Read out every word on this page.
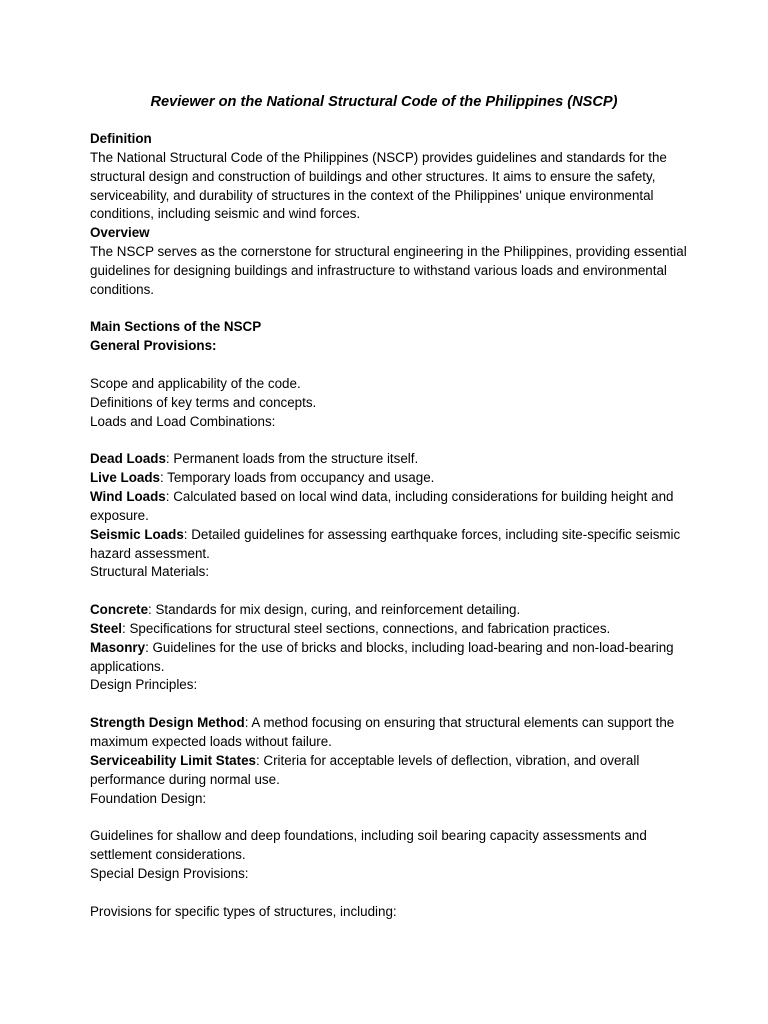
Reviewer on the National Structural Code of the Philippines (NSCP)

Definition

The National Structural Code of the Philippines (NSCP) provides guidelines and standards for the structural design and construction of buildings and other structures. It aims to ensure the safety, serviceability, and durability of structures in the context of the Philippines' unique environmental conditions, including seismic and wind forces.

Overview

The NSCP serves as the cornerstone for structural engineering in the Philippines, providing essential guidelines for designing buildings and infrastructure to withstand various loads and environmental conditions.

Main Sections of the NSCP

General Provisions:

Scope and applicability of the code.

Definitions of key terms and concepts.

Loads and Load Combinations:

Dead Loads: Permanent loads from the structure itself.

Live Loads: Temporary loads from occupancy and usage.

Wind Loads: Calculated based on local wind data, including considerations for building height and exposure.

Seismic Loads: Detailed guidelines for assessing earthquake forces, including site-specific seismic hazard assessment.

Structural Materials:

Concrete: Standards for mix design, curing, and reinforcement detailing.

Steel: Specifications for structural steel sections, connections, and fabrication practices.

Masonry: Guidelines for the use of bricks and blocks, including load-bearing and non-load-bearing applications.

Design Principles:

Strength Design Method: A method focusing on ensuring that structural elements can support the maximum expected loads without failure.

Serviceability Limit States: Criteria for acceptable levels of deflection, vibration, and overall performance during normal use.

Foundation Design:

Guidelines for shallow and deep foundations, including soil bearing capacity assessments and settlement considerations.

Special Design Provisions:

Provisions for specific types of structures, including:
